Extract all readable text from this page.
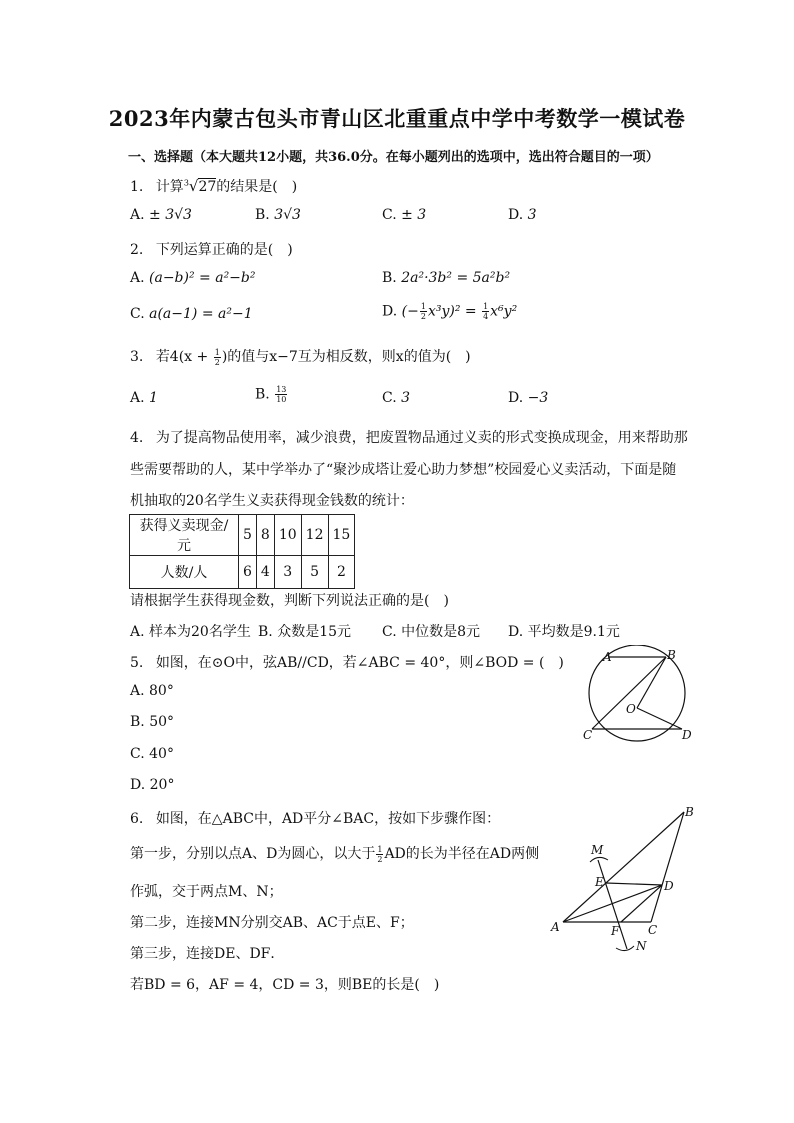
2023年内蒙古包头市青山区北重重点中学中考数学一模试卷
一、选择题（本大题共12小题，共36.0分。在每小题列出的选项中，选出符合题目的一项）
1. 计算$^3$√27的结果是(　)
A. ± 3√3	B. 3√3	C. ± 3	D. 3
2. 下列运算正确的是(　)
A. (a−b)² = a²−b²	B. 2a²·3b² = 5a²b²
C. a(a−1) = a²−1	D. (− $\frac{1}{2} x^3y)^2 = \frac{1}{4} x^6y^2$
3. 若$4(x + \frac{1}{2}$ )的值与x−7互为相反数，则x的值为(　)
A. 1	B. $\frac{13}{10}$	C. 3	D. −3
4. 为了提高物品使用率，减少浪费，把废置物品通过义卖的形式变换成现金，用来帮助那
些需要帮助的人，某中学举办了“聚沙成塔让爱心助力梦想”校园爱心义卖活动，下面是随
机抽取的20名学生义卖获得现金钱数的统计：
获得义卖现金/元	5	8	10	12	15
人数/人	6	4	3	5	2
请根据学生获得现金数，判断下列说法正确的是(　)
A. 样本为20名学生 B. 众数是15元 C. 中位数是8元 D. 平均数是9.1元
5. 如图，在⊙O中，弦AB//CD，若∠ABC = 40°，则∠BOD = (　)
A. 80°
B. 50°
C. 40°
D. 20°
A	B
C	D
O
6. 如图，在△ABC中，AD平分∠BAC，按如下步骤作图：
第一步，分别以点A、D为圆心，以大于 $\frac{1}{2}$ AD的长为半径在AD两侧
作弧，交于两点M、N；
第二步，连接MN分别交AB、AC于点E、F；
第三步，连接DE、DF．
若BD = 6，AF = 4，CD = 3，则BE的长是(　)
M
E	D
B
A	F C
N
